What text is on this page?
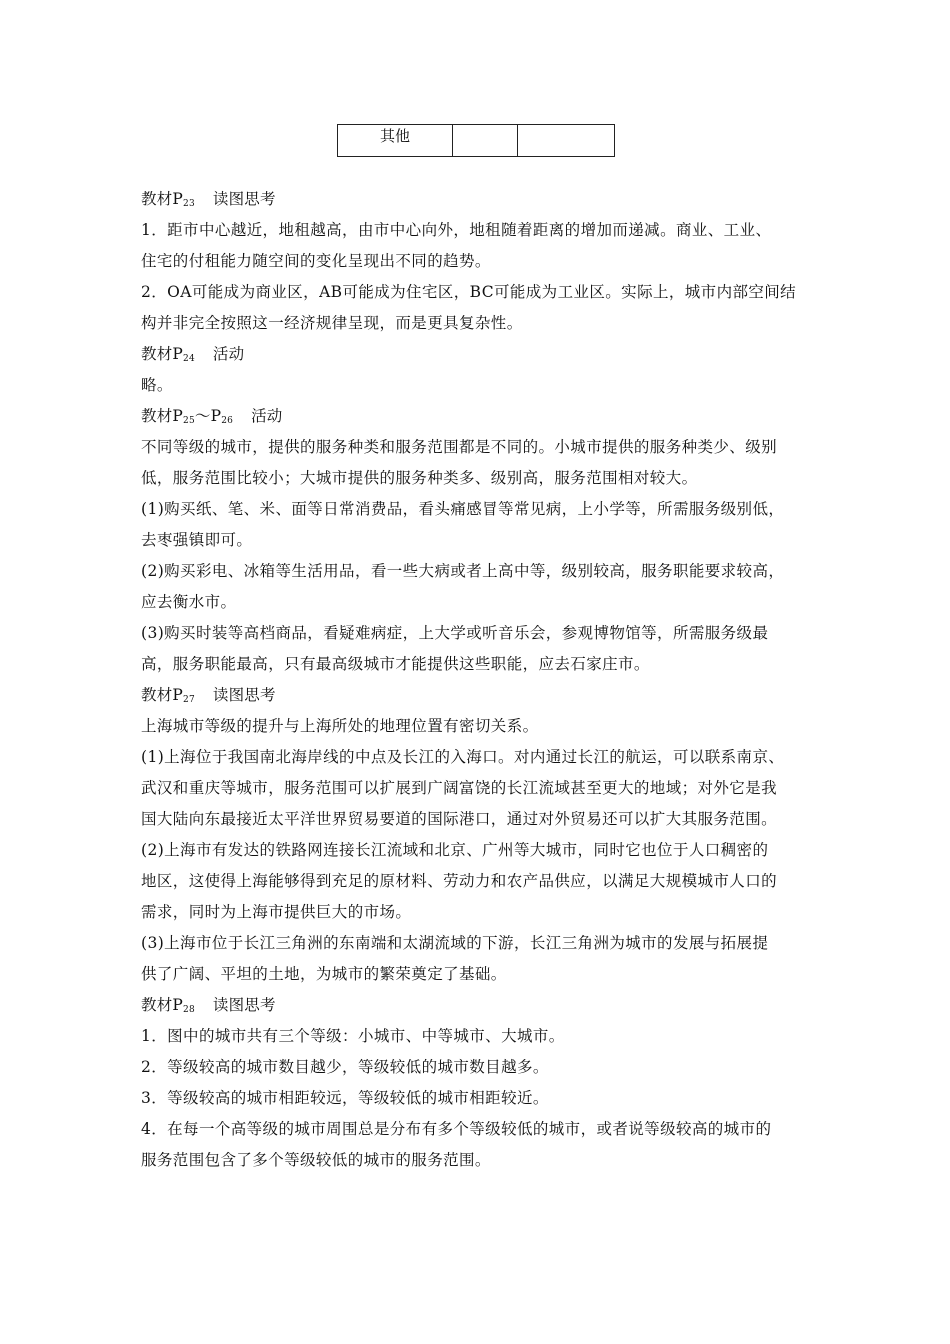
其他		
教材$P_{23}$ 读图思考
1．距市中心越近，地租越高，由市中心向外，地租随着距离的增加而递减。商业、工业、
住宅的付租能力随空间的变化呈现出不同的趋势。
2．OA可能成为商业区，AB可能成为住宅区，BC可能成为工业区。实际上，城市内部空间结
构并非完全按照这一经济规律呈现，而是更具复杂性。
教材$P_{24}$ 活动
略。
教材$P_{25}\sim P_{26}$ 活动
不同等级的城市，提供的服务种类和服务范围都是不同的。小城市提供的服务种类少、级别
低，服务范围比较小；大城市提供的服务种类多、级别高，服务范围相对较大。
(1)购买纸、笔、米、面等日常消费品，看头痛感冒等常见病，上小学等，所需服务级别低，
去枣强镇即可。
(2)购买彩电、冰箱等生活用品，看一些大病或者上高中等，级别较高，服务职能要求较高，
应去衡水市。
(3)购买时装等高档商品，看疑难病症，上大学或听音乐会，参观博物馆等，所需服务级最
高，服务职能最高，只有最高级城市才能提供这些职能，应去石家庄市。
教材$P_{27}$ 读图思考
上海城市等级的提升与上海所处的地理位置有密切关系。
(1)上海位于我国南北海岸线的中点及长江的入海口。对内通过长江的航运，可以联系南京、
武汉和重庆等城市，服务范围可以扩展到广阔富饶的长江流域甚至更大的地域；对外它是我
国大陆向东最接近太平洋世界贸易要道的国际港口，通过对外贸易还可以扩大其服务范围。
(2)上海市有发达的铁路网连接长江流域和北京、广州等大城市，同时它也位于人口稠密的
地区，这使得上海能够得到充足的原材料、劳动力和农产品供应，以满足大规模城市人口的
需求，同时为上海市提供巨大的市场。
(3)上海市位于长江三角洲的东南端和太湖流域的下游，长江三角洲为城市的发展与拓展提
供了广阔、平坦的土地，为城市的繁荣奠定了基础。
教材$P_{28}$ 读图思考
1．图中的城市共有三个等级：小城市、中等城市、大城市。
2．等级较高的城市数目越少，等级较低的城市数目越多。
3．等级较高的城市相距较远，等级较低的城市相距较近。
4．在每一个高等级的城市周围总是分布有多个等级较低的城市，或者说等级较高的城市的
服务范围包含了多个等级较低的城市的服务范围。
